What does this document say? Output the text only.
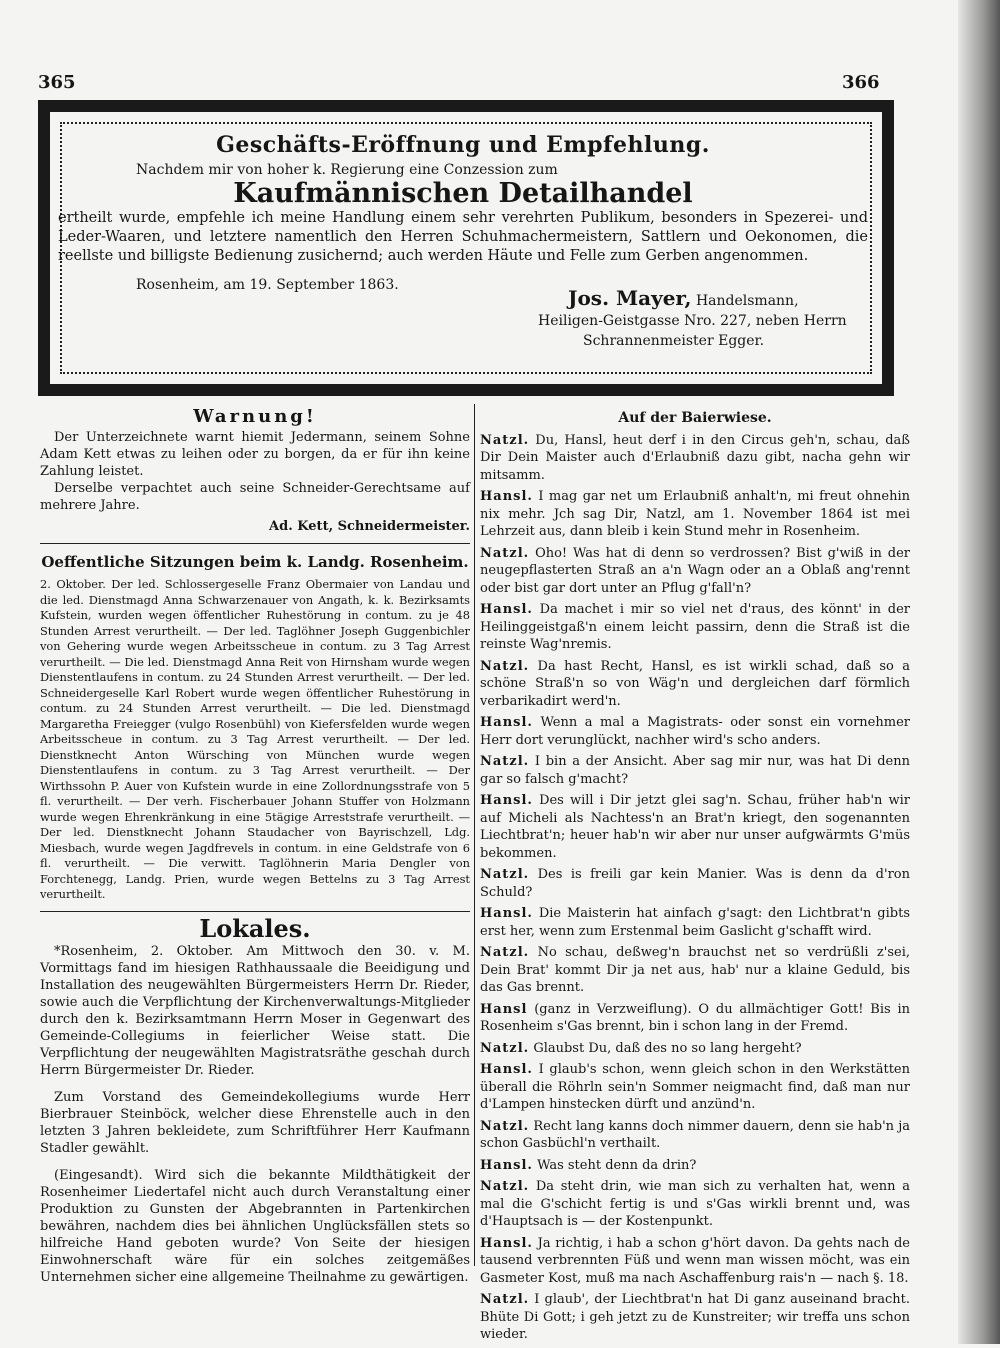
365	366
Geschäfts-Eröffnung und Empfehlung.
Nachdem mir von hoher k. Regierung eine Conzession zum
Kaufmännischen Detailhandel
ertheilt wurde, empfehle ich meine Handlung einem sehr verehrten Publikum, besonders in Spezerei- und Leder-Waaren, und letztere namentlich den Herren Schuhmachermeistern, Sattlern und Oekonomen, die reellste und billigste Bedienung zusichernd; auch werden Häute und Felle zum Gerben angenommen.
Rosenheim, am 19. September 1863.
Jos. Mayer, Handelsmann,
Heiligen-Geistgasse Nro. 227, neben Herrn
Schrannenmeister Egger.
Warnung!
Der Unterzeichnete warnt hiemit Jedermann, seinem Sohne Adam Kett etwas zu leihen oder zu borgen, da er für ihn keine Zahlung leistet.
Derselbe verpachtet auch seine Schneider-Gerechtsame auf mehrere Jahre.
Ad. Kett, Schneidermeister.
Oeffentliche Sitzungen beim k. Landg. Rosenheim.
2. Oktober. Der led. Schlossergeselle Franz Obermaier von Landau und die led. Dienstmagd Anna Schwarzenauer von Angath, k. k. Bezirksamts Kufstein, wurden wegen öffentlicher Ruhestörung in contum. zu je 48 Stunden Arrest verurtheilt. — Der led. Taglöhner Joseph Guggenbichler von Gehering wurde wegen Arbeitsscheue in contum. zu 3 Tag Arrest verurtheilt. — Die led. Dienstmagd Anna Reit von Hirnsham wurde wegen Dienstentlaufens in contum. zu 24 Stunden Arrest verurtheilt. — Der led. Schneidergeselle Karl Robert wurde wegen öffentlicher Ruhestörung in contum. zu 24 Stunden Arrest verurtheilt. — Die led. Dienstmagd Margaretha Freiegger (vulgo Rosenbühl) von Kiefersfelden wurde wegen Arbeitsscheue in contum. zu 3 Tag Arrest verurtheilt. — Der led. Dienstknecht Anton Würsching von München wurde wegen Dienstentlaufens in contum. zu 3 Tag Arrest verurtheilt. — Der Wirthssohn P. Auer von Kufstein wurde in eine Zollordnungsstrafe von 5 fl. verurtheilt. — Der verh. Fischerbauer Johann Stuffer von Holzmann wurde wegen Ehrenkränkung in eine 5tägige Arreststrafe verurtheilt. — Der led. Dienstknecht Johann Staudacher von Bayrischzell, Ldg. Miesbach, wurde wegen Jagdfrevels in contum. in eine Geldstrafe von 6 fl. verurtheilt. — Die verwitt. Taglöhnerin Maria Dengler von Forchtenegg, Landg. Prien, wurde wegen Bettelns zu 3 Tag Arrest verurtheilt.
Lokales.
*Rosenheim, 2. Oktober. Am Mittwoch den 30. v. M. Vormittags fand im hiesigen Rathhaussaale die Beeidigung und Installation des neugewählten Bürgermeisters Herrn Dr. Rieder, sowie auch die Verpflichtung der Kirchenverwaltungs-Mitglieder durch den k. Bezirksamtmann Herrn Moser in Gegenwart des Gemeinde-Collegiums in feierlicher Weise statt. Die Verpflichtung der neugewählten Magistratsräthe geschah durch Herrn Bürgermeister Dr. Rieder.
Zum Vorstand des Gemeindekollegiums wurde Herr Bierbrauer Steinböck, welcher diese Ehrenstelle auch in den letzten 3 Jahren bekleidete, zum Schriftführer Herr Kaufmann Stadler gewählt.
(Eingesandt). Wird sich die bekannte Mildthätigkeit der Rosenheimer Liedertafel nicht auch durch Veranstaltung einer Produktion zu Gunsten der Abgebrannten in Partenkirchen bewähren, nachdem dies bei ähnlichen Unglücksfällen stets so hilfreiche Hand geboten wurde? Von Seite der hiesigen Einwohnerschaft wäre für ein solches zeitgemäßes Unternehmen sicher eine allgemeine Theilnahme zu gewärtigen.
Auf der Baierwiese.
Natzl. Du, Hansl, heut derf i in den Circus geh'n, schau, daß Dir Dein Maister auch d'Erlaubniß dazu gibt, nacha gehn wir mitsamm.
Hansl. I mag gar net um Erlaubniß anhalt'n, mi freut ohnehin nix mehr. Jch sag Dir, Natzl, am 1. November 1864 ist mei Lehrzeit aus, dann bleib i kein Stund mehr in Rosenheim.
Natzl. Oho! Was hat di denn so verdrossen? Bist g'wiß in der neugepflasterten Straß an a'n Wagn oder an a Oblaß ang'rennt oder bist gar dort unter an Pflug g'fall'n?
Hansl. Da machet i mir so viel net d'raus, des könnt' in der Heilinggeistgaß'n einem leicht passirn, denn die Straß ist die reinste Wag'nremis.
Natzl. Da hast Recht, Hansl, es ist wirkli schad, daß so a schöne Straß'n so von Wäg'n und dergleichen darf förmlich verbarikadirt werd'n.
Hansl. Wenn a mal a Magistrats- oder sonst ein vornehmer Herr dort verunglückt, nachher wird's scho anders.
Natzl. I bin a der Ansicht. Aber sag mir nur, was hat Di denn gar so falsch g'macht?
Hansl. Des will i Dir jetzt glei sag'n. Schau, früher hab'n wir auf Micheli als Nachtess'n an Brat'n kriegt, den sogenannten Liechtbrat'n; heuer hab'n wir aber nur unser aufgwärmts G'müs bekommen.
Natzl. Des is freili gar kein Manier. Was is denn da d'ron Schuld?
Hansl. Die Maisterin hat ainfach g'sagt: den Lichtbrat'n gibts erst her, wenn zum Erstenmal beim Gaslicht g'schafft wird.
Natzl. No schau, deßweg'n brauchst net so verdrüßli z'sei, Dein Brat' kommt Dir ja net aus, hab' nur a klaine Geduld, bis das Gas brennt.
Hansl (ganz in Verzweiflung). O du allmächtiger Gott! Bis in Rosenheim s'Gas brennt, bin i schon lang in der Fremd.
Natzl. Glaubst Du, daß des no so lang hergeht?
Hansl. I glaub's schon, wenn gleich schon in den Werkstätten überall die Röhrln sein'n Sommer neigmacht find, daß man nur d'Lampen hinstecken dürft und anzünd'n.
Natzl. Recht lang kanns doch nimmer dauern, denn sie hab'n ja schon Gasbüchl'n verthailt.
Hansl. Was steht denn da drin?
Natzl. Da steht drin, wie man sich zu verhalten hat, wenn a mal die G'schicht fertig is und s'Gas wirkli brennt und, was d'Hauptsach is — der Kostenpunkt.
Hansl. Ja richtig, i hab a schon g'hört davon. Da gehts nach de tausend verbrennten Füß und wenn man wissen möcht, was ein Gasmeter Kost, muß ma nach Aschaffenburg rais'n — nach §. 18.
Natzl. I glaub', der Liechtbrat'n hat Di ganz auseinand bracht. Bhüte Di Gott; i geh jetzt zu de Kunstreiter; wir treffa uns schon wieder.
